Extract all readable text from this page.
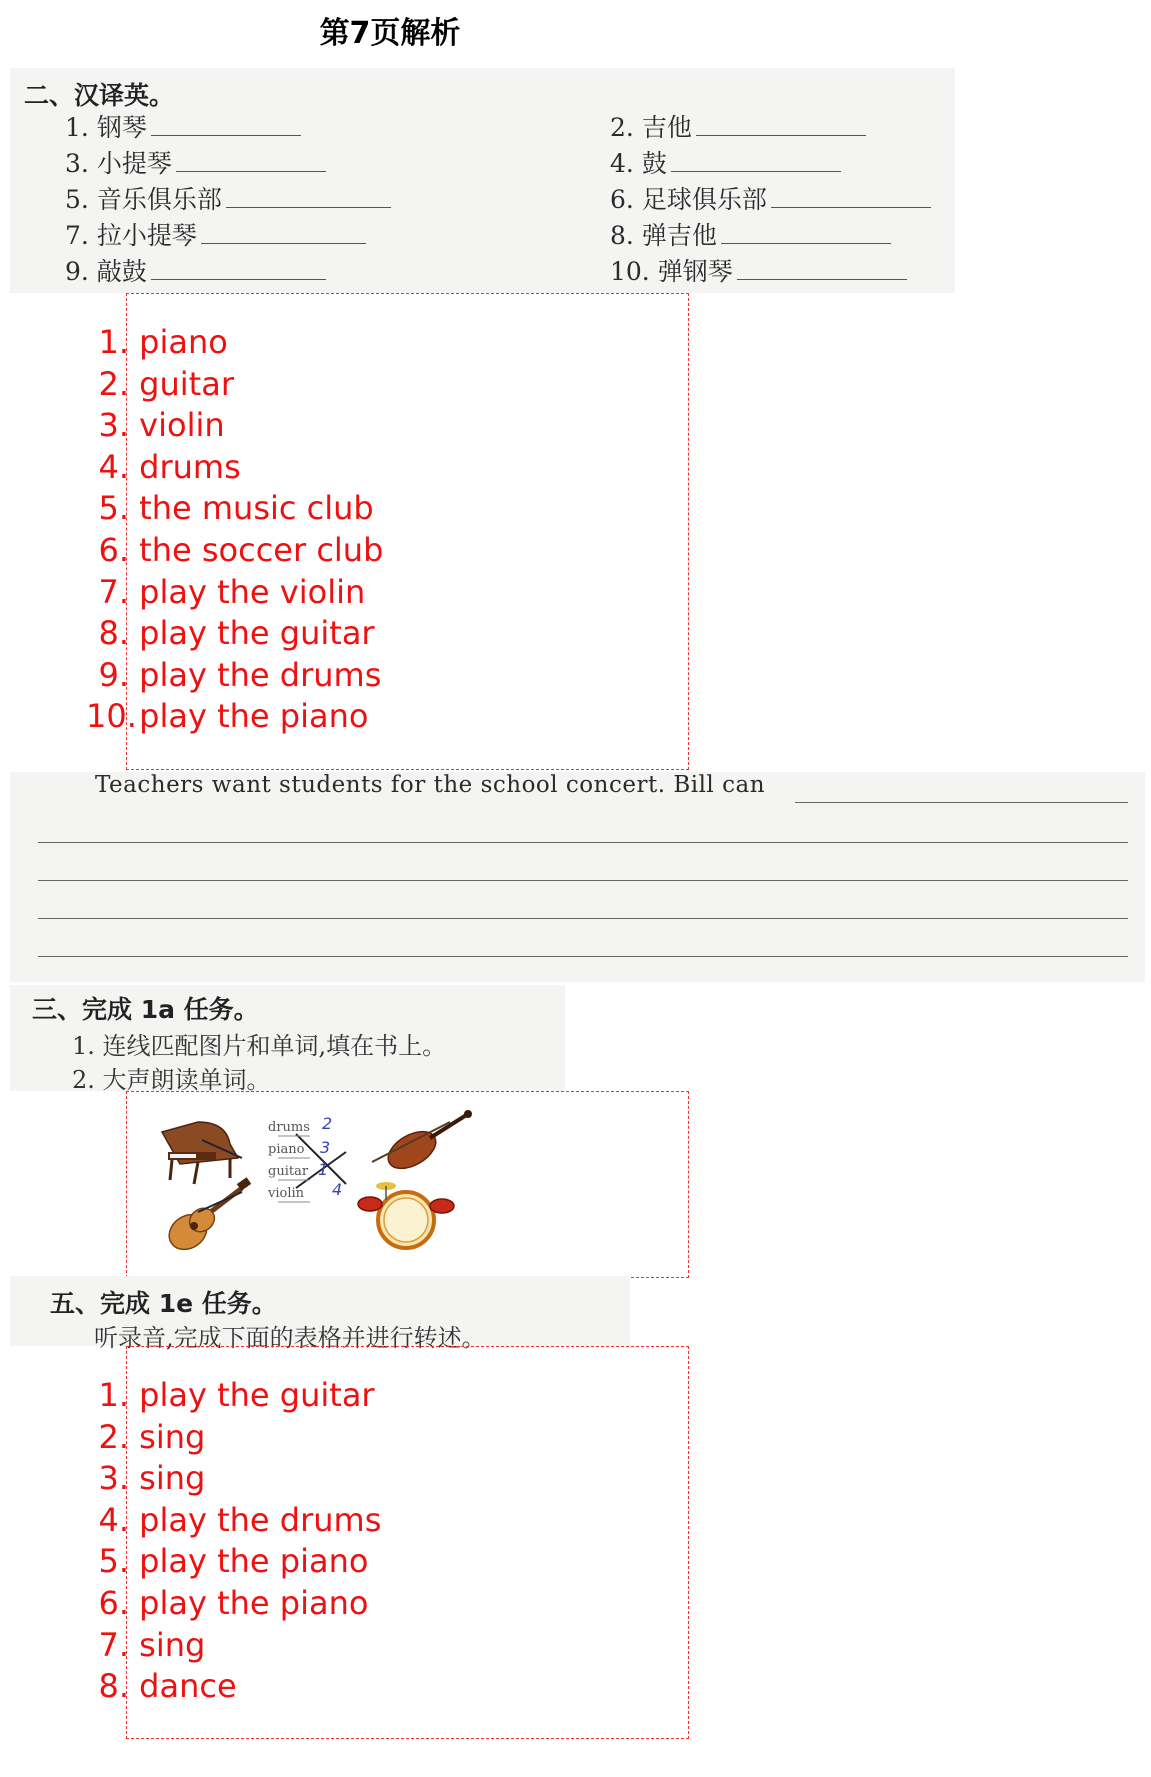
第7页解析
二、汉译英。
1. 钢琴	2. 吉他
3. 小提琴	4. 鼓
5. 音乐俱乐部	6. 足球俱乐部
7. 拉小提琴	8. 弹吉他
9. 敲鼓	10. 弹钢琴
1. piano
2. guitar
3. violin
4. drums
5. the music club
6. the soccer club
7. play the violin
8. play the guitar
9. play the drums
10. play the piano
Teachers want students for the school concert. Bill can
三、完成 1a 任务。
1. 连线匹配图片和单词,填在书上。
2. 大声朗读单词。
drums
piano
guitar
violin
2
3
1
4
五、完成 1e 任务。
听录音,完成下面的表格并进行转述。
1. play the guitar
2. sing
3. sing
4. play the drums
5. play the piano
6. play the piano
7. sing
8. dance
